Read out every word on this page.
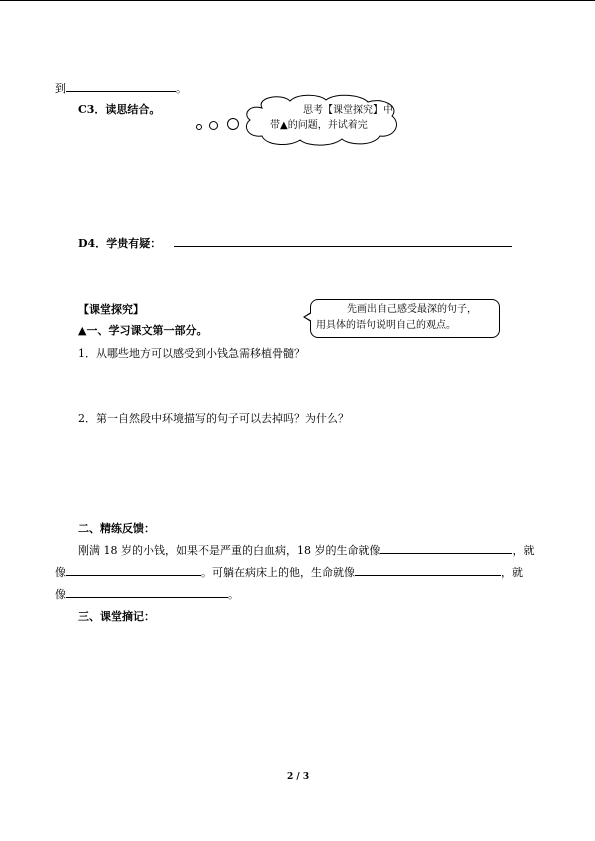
到	。
C3．读思结合。	思考【课堂探究】中
带▲的问题，并试着完
D4．学贵有疑：
【课堂探究】
▲一、学习课文第一部分。
先画出自己感受最深的句子，
用具体的语句说明自己的观点。
1．从哪些地方可以感受到小钱急需移植骨髓？
2．第一自然段中环境描写的句子可以去掉吗？为什么？
二、精练反馈：
刚满 18 岁的小钱，如果不是严重的白血病，18 岁的生命就像	，就
像	。可躺在病床上的他，生命就像	，就
像	。
三、课堂摘记：
2 / 3
